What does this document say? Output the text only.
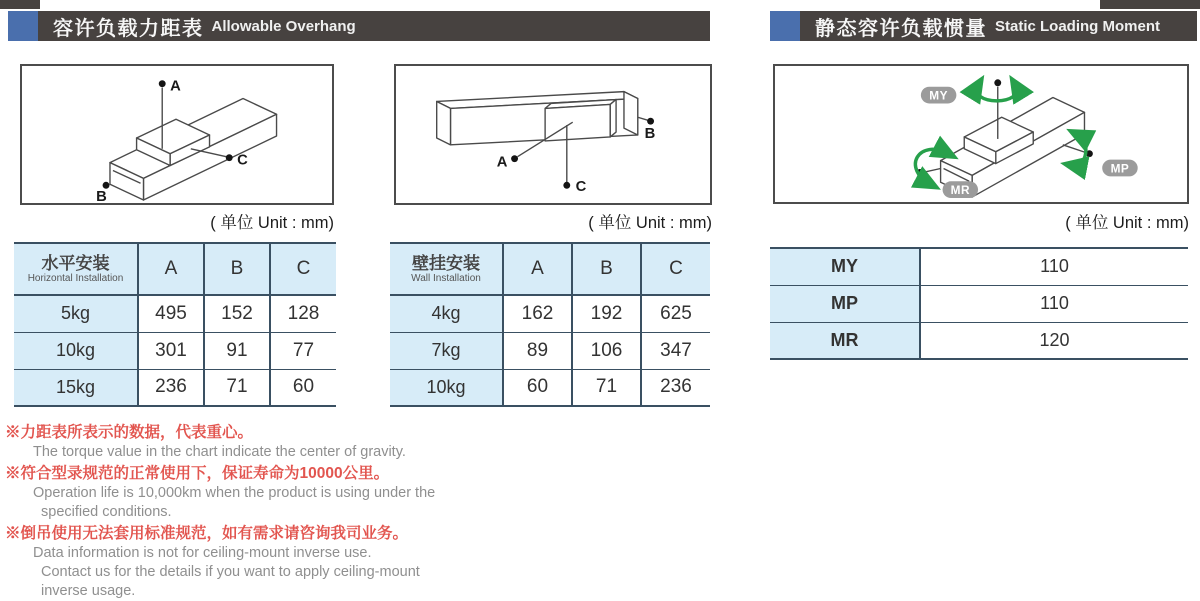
容许负载力距表 Allowable Overhang	静态容许负载惯量 Static Loading Moment
A
C
B
( 单位 Unit : mm)
A
B
C
( 单位 Unit : mm)
MY
MP
MR
( 单位 Unit : mm)
水平安装
Horizontal Installation	A	B	C
5kg	495	152	128
10kg	301	91	77
15kg	236	71	60
壁挂安装
Wall Installation	A	B	C
4kg	162	192	625
7kg	89	106	347
10kg	60	71	236
MY	110
MP	110
MR	120
※力距表所表示的数据，代表重心。
The torque value in the chart indicate the center of gravity.
※符合型录规范的正常使用下，保证寿命为10000公里。
Operation life is 10,000km when the product is using under the
specified conditions.
※倒吊使用无法套用标准规范，如有需求请咨询我司业务。
Data information is not for ceiling-mount inverse use.
Contact us for the details if you want to apply ceiling-mount
inverse usage.
